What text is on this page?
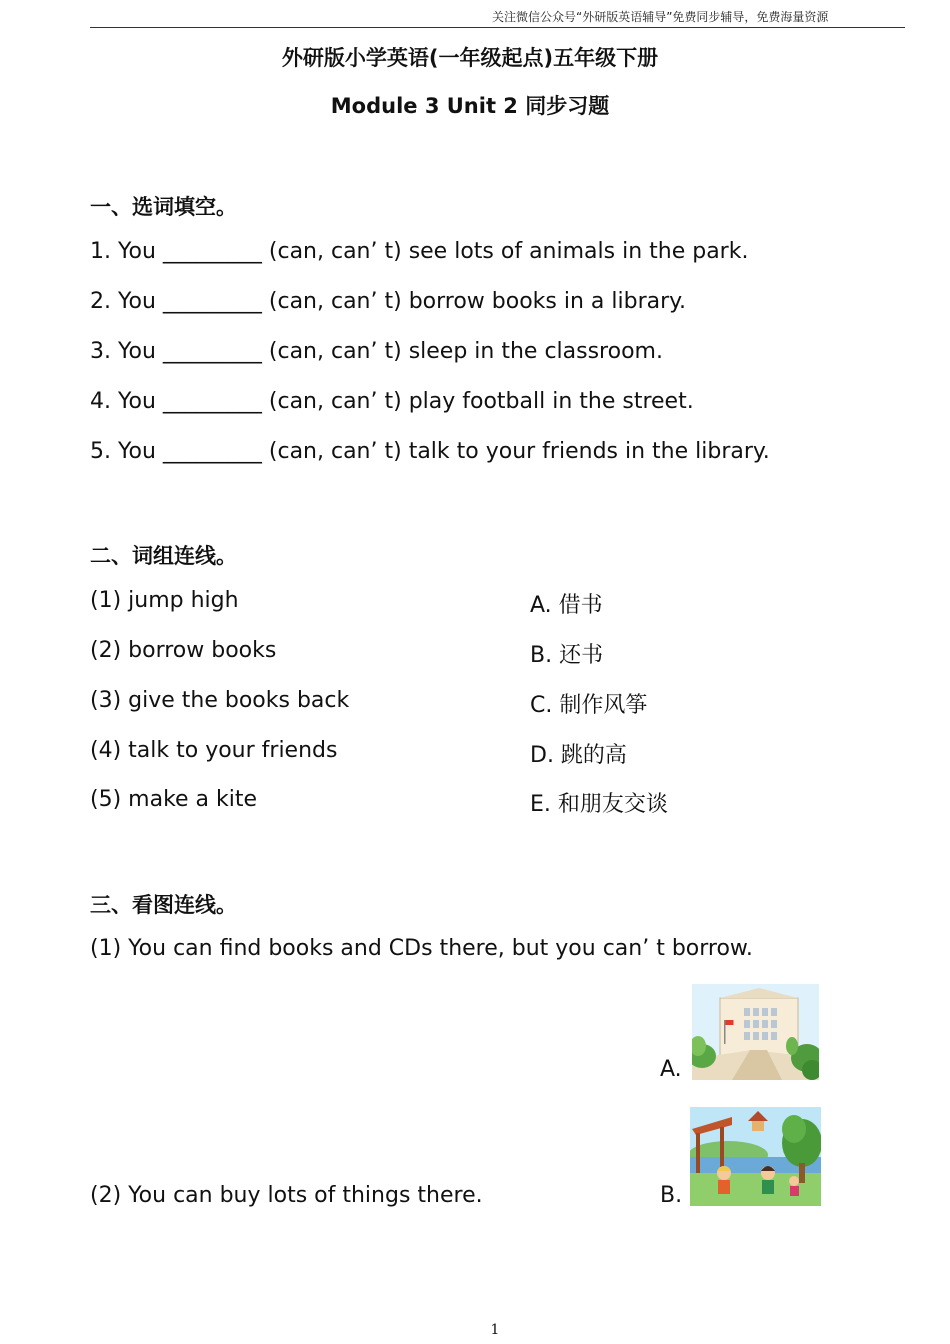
关注微信公众号“外研版英语辅导”免费同步辅导，免费海量资源
外研版小学英语(一年级起点)五年级下册
Module 3 Unit 2 同步习题
一、选词填空。
1. You _________ (can, can’ t) see lots of animals in the park.
2. You _________ (can, can’ t) borrow books in a library.
3. You _________ (can, can’ t) sleep in the classroom.
4. You _________ (can, can’ t) play football in the street.
5. You _________ (can, can’ t) talk to your friends in the library.
二、词组连线。
(1) jump high
(2) borrow books
(3) give the books back
(4) talk to your friends
(5) make a kite
A. 借书
B. 还书
C. 制作风筝
D. 跳的高
E. 和朋友交谈
三、看图连线。
(1) You can find books and CDs there, but you can’ t borrow.
(2) You can buy lots of things there.
A.
B.
1
